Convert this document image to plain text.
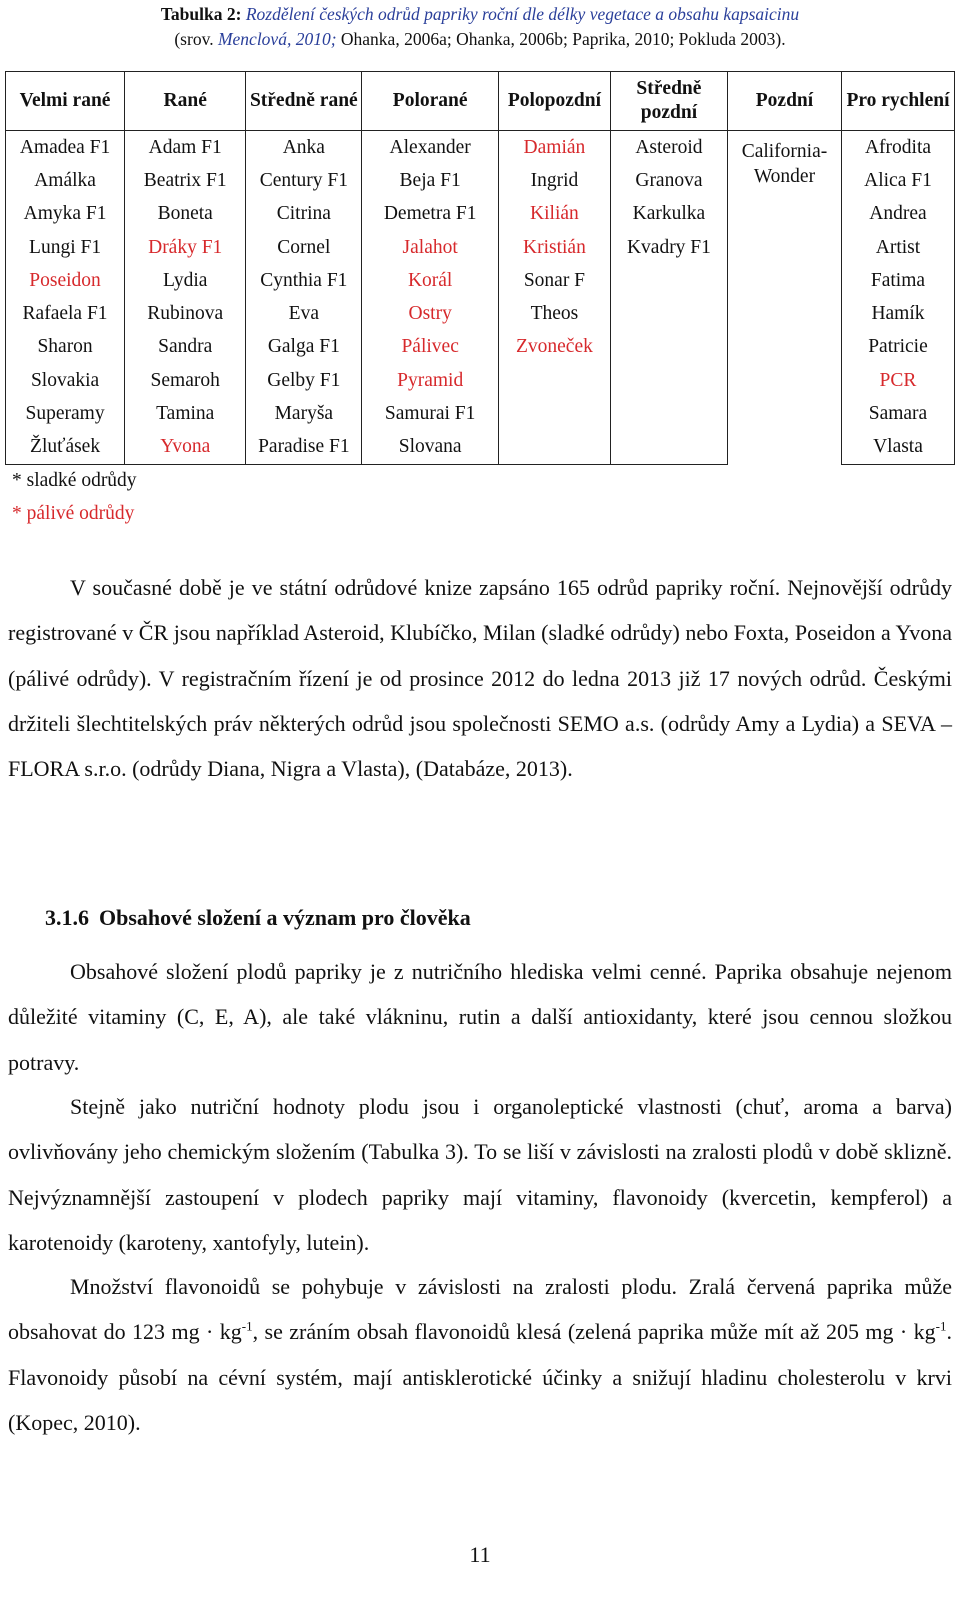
Tabulka 2: Rozdělení českých odrůd papriky roční dle délky vegetace a obsahu kapsaicinu
(srov. Menclová, 2010; Ohanka, 2006a; Ohanka, 2006b; Paprika, 2010; Pokluda 2003).
Velmi rané	Rané	Středně rané	Polorané	Polopozdní	Středně pozdní	Pozdní	Pro rychlení
Amadea F1	Adam F1	Anka	Alexander	Damián	Asteroid	California-Wonder	Afrodita
Amálka	Beatrix F1	Century F1	Beja F1	Ingrid	Granova		Alica F1
Amyka F1	Boneta	Citrina	Demetra F1	Kilián	Karkulka		Andrea
Lungi F1	Dráky F1	Cornel	Jalahot	Kristián	Kvadry F1		Artist
Poseidon	Lydia	Cynthia F1	Korál	Sonar F			Fatima
Rafaela F1	Rubinova	Eva	Ostry	Theos			Hamík
Sharon	Sandra	Galga F1	Pálivec	Zvoneček			Patricie
Slovakia	Semaroh	Gelby F1	Pyramid				PCR
Superamy	Tamina	Maryša	Samurai F1				Samara
Žluťásek	Yvona	Paradise F1	Slovana				Vlasta
* sladké odrůdy
* pálivé odrůdy
V současné době je ve státní odrůdové knize zapsáno 165 odrůd papriky roční. Nejnovější odrůdy registrované v ČR jsou například Asteroid, Klubíčko, Milan (sladké odrůdy) nebo Foxta, Poseidon a Yvona (pálivé odrůdy). V registračním řízení je od prosince 2012 do ledna 2013 již 17 nových odrůd. Českými držiteli šlechtitelských práv některých odrůd jsou společnosti SEMO a.s. (odrůdy Amy a Lydia) a SEVA – FLORA s.r.o. (odrůdy Diana, Nigra a Vlasta), (Databáze, 2013).
3.1.6 Obsahové složení a význam pro člověka
Obsahové složení plodů papriky je z nutričního hlediska velmi cenné. Paprika obsahuje nejenom důležité vitaminy (C, E, A), ale také vlákninu, rutin a další antioxidanty, které jsou cennou složkou potravy.
Stejně jako nutriční hodnoty plodu jsou i organoleptické vlastnosti (chuť, aroma a barva) ovlivňovány jeho chemickým složením (Tabulka 3). To se liší v závislosti na zralosti plodů v době sklizně. Nejvýznamnější zastoupení v plodech papriky mají vitaminy, flavonoidy (kvercetin, kempferol) a karotenoidy (karoteny, xantofyly, lutein).
Množství flavonoidů se pohybuje v závislosti na zralosti plodu. Zralá červená paprika může obsahovat do 123 mg · $kg^{-1}$, se zráním obsah flavonoidů klesá (zelená paprika může mít až 205 mg · $kg^{-1}$. Flavonoidy působí na cévní systém, mají antisklerotické účinky a snižují hladinu cholesterolu v krvi (Kopec, 2010).
11
